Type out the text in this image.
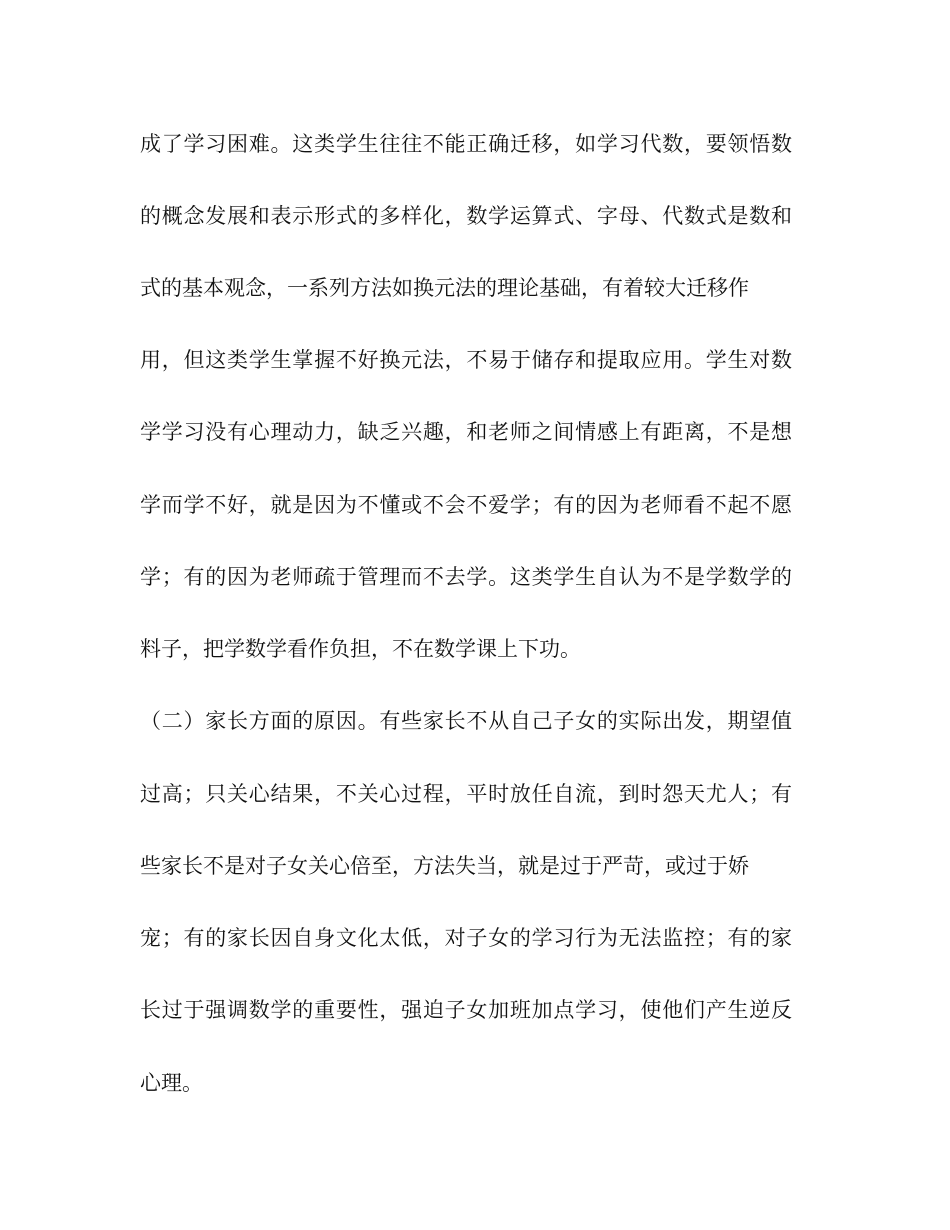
成了学习困难。这类学生往往不能正确迁移，如学习代数，要领悟数
的概念发展和表示形式的多样化，数学运算式、字母、代数式是数和
式的基本观念，一系列方法如换元法的理论基础，有着较大迁移作
用，但这类学生掌握不好换元法，不易于储存和提取应用。学生对数
学学习没有心理动力，缺乏兴趣，和老师之间情感上有距离，不是想
学而学不好，就是因为不懂或不会不爱学；有的因为老师看不起不愿
学；有的因为老师疏于管理而不去学。这类学生自认为不是学数学的
料子，把学数学看作负担，不在数学课上下功。
（二）家长方面的原因。有些家长不从自己子女的实际出发，期望值
过高；只关心结果，不关心过程，平时放任自流，到时怨天尤人；有
些家长不是对子女关心倍至，方法失当，就是过于严苛，或过于娇
宠；有的家长因自身文化太低，对子女的学习行为无法监控；有的家
长过于强调数学的重要性，强迫子女加班加点学习，使他们产生逆反
心理。
